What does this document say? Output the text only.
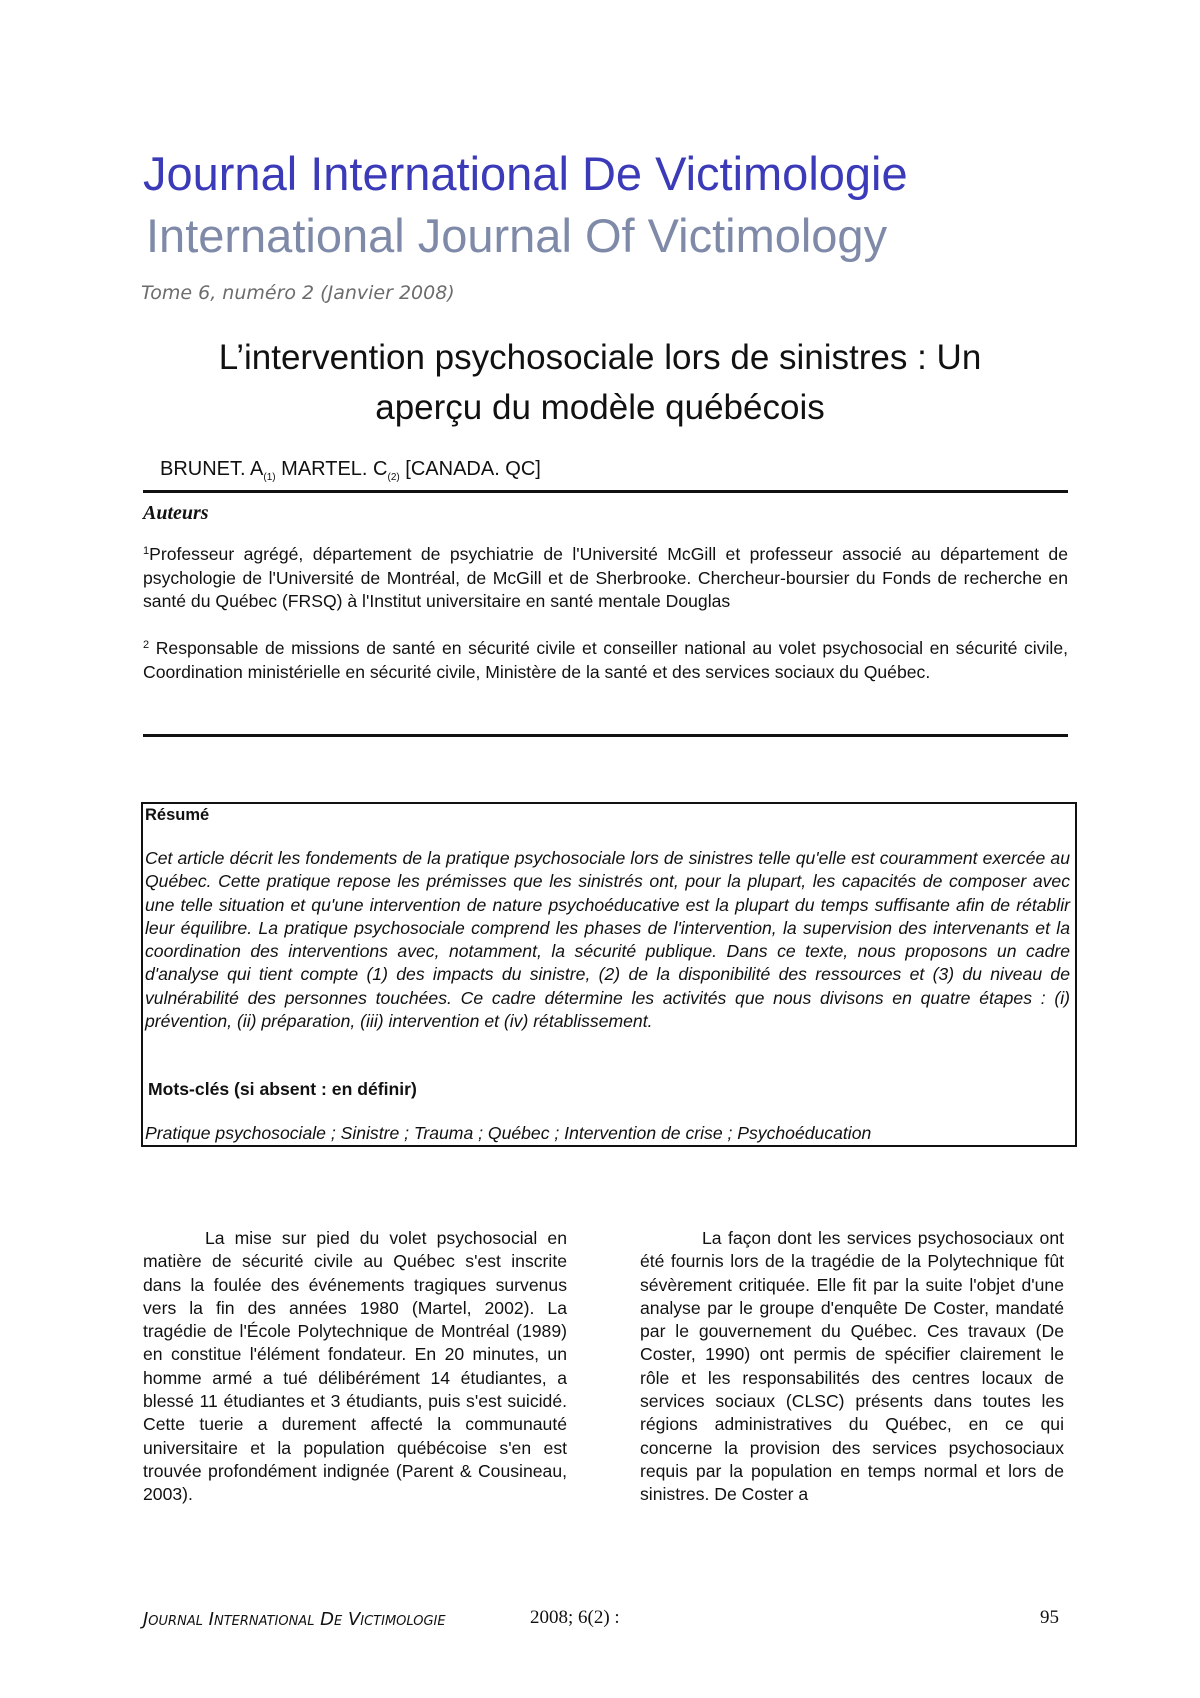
Journal International De Victimologie
International Journal Of Victimology
Tome 6, numéro 2 (Janvier 2008)
L’intervention psychosociale lors de sinistres : Un
aperçu du modèle québécois
BRUNET. $A_{(1)}$ MARTEL. $C_{(2)}$ [CANADA. QC]
Auteurs
$^1$Professeur agrégé, département de psychiatrie de l'Université McGill et professeur associé au département de psychologie de l'Université de Montréal, de McGill et de Sherbrooke. Chercheur-boursier du Fonds de recherche en santé du Québec (FRSQ) à l'Institut universitaire en santé mentale Douglas
$^2$ Responsable de missions de santé en sécurité civile et conseiller national au volet psychosocial en sécurité civile, Coordination ministérielle en sécurité civile, Ministère de la santé et des services sociaux du Québec.
Résumé
Cet article décrit les fondements de la pratique psychosociale lors de sinistres telle qu'elle est couramment exercée au Québec. Cette pratique repose les prémisses que les sinistrés ont, pour la plupart, les capacités de composer avec une telle situation et qu'une intervention de nature psychoéducative est la plupart du temps suffisante afin de rétablir leur équilibre. La pratique psychosociale comprend les phases de l'intervention, la supervision des intervenants et la coordination des interventions avec, notamment, la sécurité publique. Dans ce texte, nous proposons un cadre d'analyse qui tient compte (1) des impacts du sinistre, (2) de la disponibilité des ressources et (3) du niveau de vulnérabilité des personnes touchées. Ce cadre détermine les activités que nous divisons en quatre étapes : (i) prévention, (ii) préparation, (iii) intervention et (iv) rétablissement.
Mots-clés (si absent : en définir)
Pratique psychosociale ; Sinistre ; Trauma ; Québec ; Intervention de crise ; Psychoéducation

La mise sur pied du volet psychosocial en matière de sécurité civile au Québec s'est inscrite dans la foulée des événements tragiques survenus vers la fin des années 1980 (Martel, 2002). La tragédie de l'École Polytechnique de Montréal (1989) en constitue l'élément fondateur. En 20 minutes, un homme armé a tué délibérément 14 étudiantes, a blessé 11 étudiantes et 3 étudiants, puis s'est suicidé. Cette tuerie a durement affecté la communauté universitaire et la population québécoise s'en est trouvée profondément indignée (Parent & Cousineau, 2003).

La façon dont les services psychosociaux ont été fournis lors de la tragédie de la Polytechnique fût sévèrement critiquée. Elle fit par la suite l'objet d'une analyse par le groupe d'enquête De Coster, mandaté par le gouvernement du Québec. Ces travaux (De Coster, 1990) ont permis de spécifier clairement le rôle et les responsabilités des centres locaux de services sociaux (CLSC) présents dans toutes les régions administratives du Québec, en ce qui concerne la provision des services psychosociaux requis par la population en temps normal et lors de sinistres. De Coster a

Journal International De Victimologie	2008; 6(2) :	95
